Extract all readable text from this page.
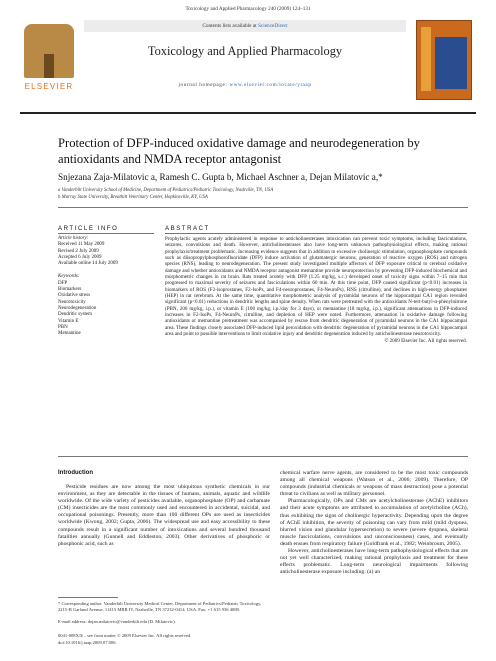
Toxicology and Applied Pharmacology 240 (2009) 124–131
ELSEVIER
Contents lists available at ScienceDirect
Toxicology and Applied Pharmacology
journal homepage: www.elsevier.com/locate/ytaap
Protection of DFP-induced oxidative damage and neurodegeneration by antioxidants and NMDA receptor antagonist
Snjezana Zaja-Milatovic a, Ramesh C. Gupta b, Michael Aschner a, Dejan Milatovic a,*
a Vanderbilt University School of Medicine, Department of Pediatrics/Pediatric Toxicology, Nashville, TN, USA
b Murray State University, Breathitt Veterinary Center, Hopkinsville, KY, USA
ARTICLE INFO	ABSTRACT
Article history:
Received 11 May 2009
Revised 2 July 2009
Accepted 6 July 2009
Available online 14 July 2009
Keywords:
DFP
Biomarkers
Oxidative stress
Neurotoxicity
Neurodegeneration
Dendritic system
Vitamin E
PBN
Memantine
Prophylactic agents acutely administered in response to anticholinesterases intoxication can prevent toxic symptoms, including fasciculations, seizures, convulsions and death. However, anticholinesterases also have long-term unknown pathophysiological effects, making rational prophylaxis/treatment problematic. Increasing evidence suggests that in addition to excessive cholinergic stimulation, organophosphate compounds such as diisopropylphosphorofluoridate (DFP) induce activation of glutamatergic neurons, generation of reactive oxygen (ROS) and nitrogen species (RNS), leading to neurodegeneration. The present study investigated multiple affectors of DFP exposure critical to cerebral oxidative damage and whether antioxidants and NMDA receptor antagonist memantine provide neuroprotection by preventing DFP-induced biochemical and morphometric changes in rat brain. Rats treated acutely with DFP (1.25 mg/kg, s.c.) developed onset of toxicity signs within 7–15 min that progressed to maximal severity of seizures and fasciculations within 60 min. At this time point, DFP caused significant (p<0.01) increases in biomarkers of ROS (F2-isoprostanes, F2-IsoPs, and F4-neuroprostanes, F4-NeuroPs), RNS (citrulline), and declines in high-energy phosphates (HEP) in rat cerebrum. At the same time, quantitative morphometric analysis of pyramidal neurons of the hippocampal CA1 region revealed significant (p<0.01) reductions in dendritic lengths and spine density. When rats were pretreated with the antioxidants N-tert-butyl-α-phenylnitrone (PBN, 200 mg/kg, i.p.), or vitamin E (100 mg/kg, i.p./day for 3 days), or memantine (18 mg/kg, i.p.), significant attenuations in DFP-induced increases in F2-IsoPs, F4-NeuroPs, citrulline, and depletion of HEP were noted. Furthermore, attenuation in oxidative damage following antioxidants or memantine pretreatment was accompanied by rescue from dendritic degeneration of pyramidal neurons in the CA1 hippocampal area. These findings closely associated DFP-induced lipid peroxidation with dendritic degeneration of pyramidal neurons in the CA1 hippocampal area and point to possible interventions to limit oxidative injury and dendritic degeneration induced by anticholinesterase neurotoxicity.
© 2009 Elsevier Inc. All rights reserved.
Introduction

Pesticide residues are now among the most ubiquitous synthetic chemicals in our environment, as they are detectable in the tissues of humans, animals, aquatic and wildlife worldwide. Of the wide variety of pesticides available, organophosphate (OP) and carbamate (CM) insecticides are the most commonly used and encountered in accidental, suicidal, and occupational poisonings. Presently, more than 100 different OPs are used as insecticides worldwide (Kwong, 2002; Gupta, 2006). The widespread use and easy accessibility to these compounds result in a significant number of intoxications and several hundred thousand fatalities annually (Gunnell and Eddleston, 2003). Other derivatives of phosphoric or phosphonic acid, such as

chemical warfare nerve agents, are considered to be the most toxic compounds among all chemical weapons (Watson et al., 2006; 2009). Therefore, OP compounds (industrial chemicals or weapons of mass destruction) pose a potential threat to civilians as well as military personnel.

Pharmacologically, OPs and CMs are acetylcholinesterase (AChE) inhibitors and their acute symptoms are attributed to accumulation of acetylcholine (ACh), thus exhibiting the signs of cholinergic hyperactivity. Depending upon the degree of AChE inhibition, the severity of poisoning can vary from mild (mild dyspnea, blurred vision and glandular hypersecretion) to severe (severe dyspnea, skeletal muscle fasciculations, convulsions and unconsciousness) cases, and eventually death ensues from respiratory failure (Goldfrank et al., 1982; Weinbroum, 2005).

However, anticholinesterases have long-term pathophysiological effects that are not yet well characterized, making rational prophylaxis and treatment for these effects problematic. Long-term neurological impairments following anticholinesterase exposure including: (a) an

* Corresponding author. Vanderbilt University Medical Center, Department of Pediatrics/Pediatric Toxicology, 2215-B Garland Avenue, 11415 MRB IV, Nashville, TN 37232-0414, USA. Fax: +1 615 936 4080.
E-mail address: dejan.milatovic@vanderbilt.edu (D. Milatovic).
0041-008X/$ – see front matter © 2009 Elsevier Inc. All rights reserved.
doi:10.1016/j.taap.2009.07.006
